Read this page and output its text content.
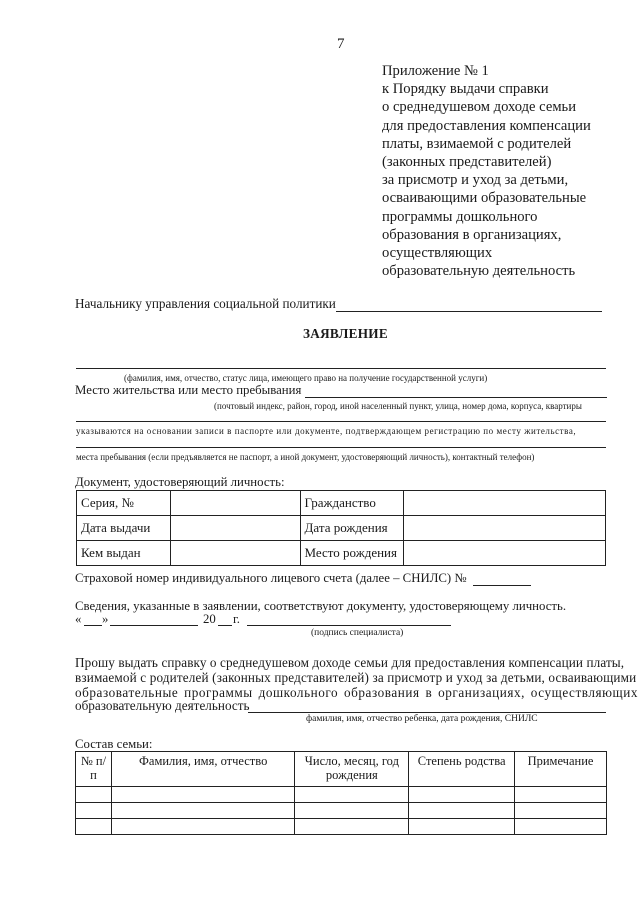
7
Приложение № 1
к Порядку выдачи справки
о среднедушевом доходе семьи
для предоставления компенсации
платы, взимаемой с родителей
(законных представителей)
за присмотр и уход за детьми,
осваивающими образовательные
программы дошкольного
образования в организациях,
осуществляющих
образовательную деятельность
Начальнику управления социальной политики
ЗАЯВЛЕНИЕ
(фамилия, имя, отчество, статус лица, имеющего право на получение государственной услуги)
Место жительства или место пребывания
(почтовый индекс, район, город, иной населенный пункт, улица, номер дома, корпуса, квартиры
указываются на основании записи в паспорте или документе, подтверждающем регистрацию по месту жительства,
места пребывания (если предъявляется не паспорт, а иной документ, удостоверяющий личность), контактный телефон)
Документ, удостоверяющий личность:
Серия, №		Гражданство	
Дата выдачи		Дата рождения	
Кем выдан		Место рождения	
Страховой номер индивидуального лицевого счета (далее – СНИЛС) №
Сведения, указанные в заявлении, соответствуют документу, удостоверяющему личность.
« »	20 г.
(подпись специалиста)
Прошу выдать справку о среднедушевом доходе семьи для предоставления компенсации платы,
взимаемой с родителей (законных представителей) за присмотр и уход за детьми, осваивающими
образовательные программы дошкольного образования в организациях, осуществляющих
образовательную деятельность
фамилия, имя, отчество ребенка, дата рождения, СНИЛС
Состав семьи:
№ п/п	Фамилия, имя, отчество	Число, месяц, год рождения	Степень родства	Примечание
